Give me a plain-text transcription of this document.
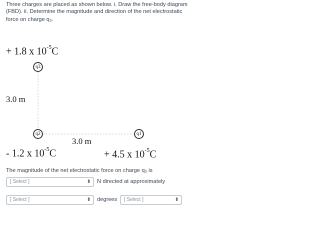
Three charges are placed as shown below. i. Draw the free-body diagram (FBD). ii. Determine the magnitude and direction of the net electrostatic force on charge q₃.
+ 1.8 x $10^{-5}C$
q3
3.0 m
q2
- 1.2 x $10^{-5}C$
3.0 m
q1
+ 4.5 x $10^{-5}C$
The magnitude of the net electrostatic force on charge q₃ is
[ Select ]	⬍ N directed at approximately
[ Select ]	⬍ degrees	[ Select ]	⬍
